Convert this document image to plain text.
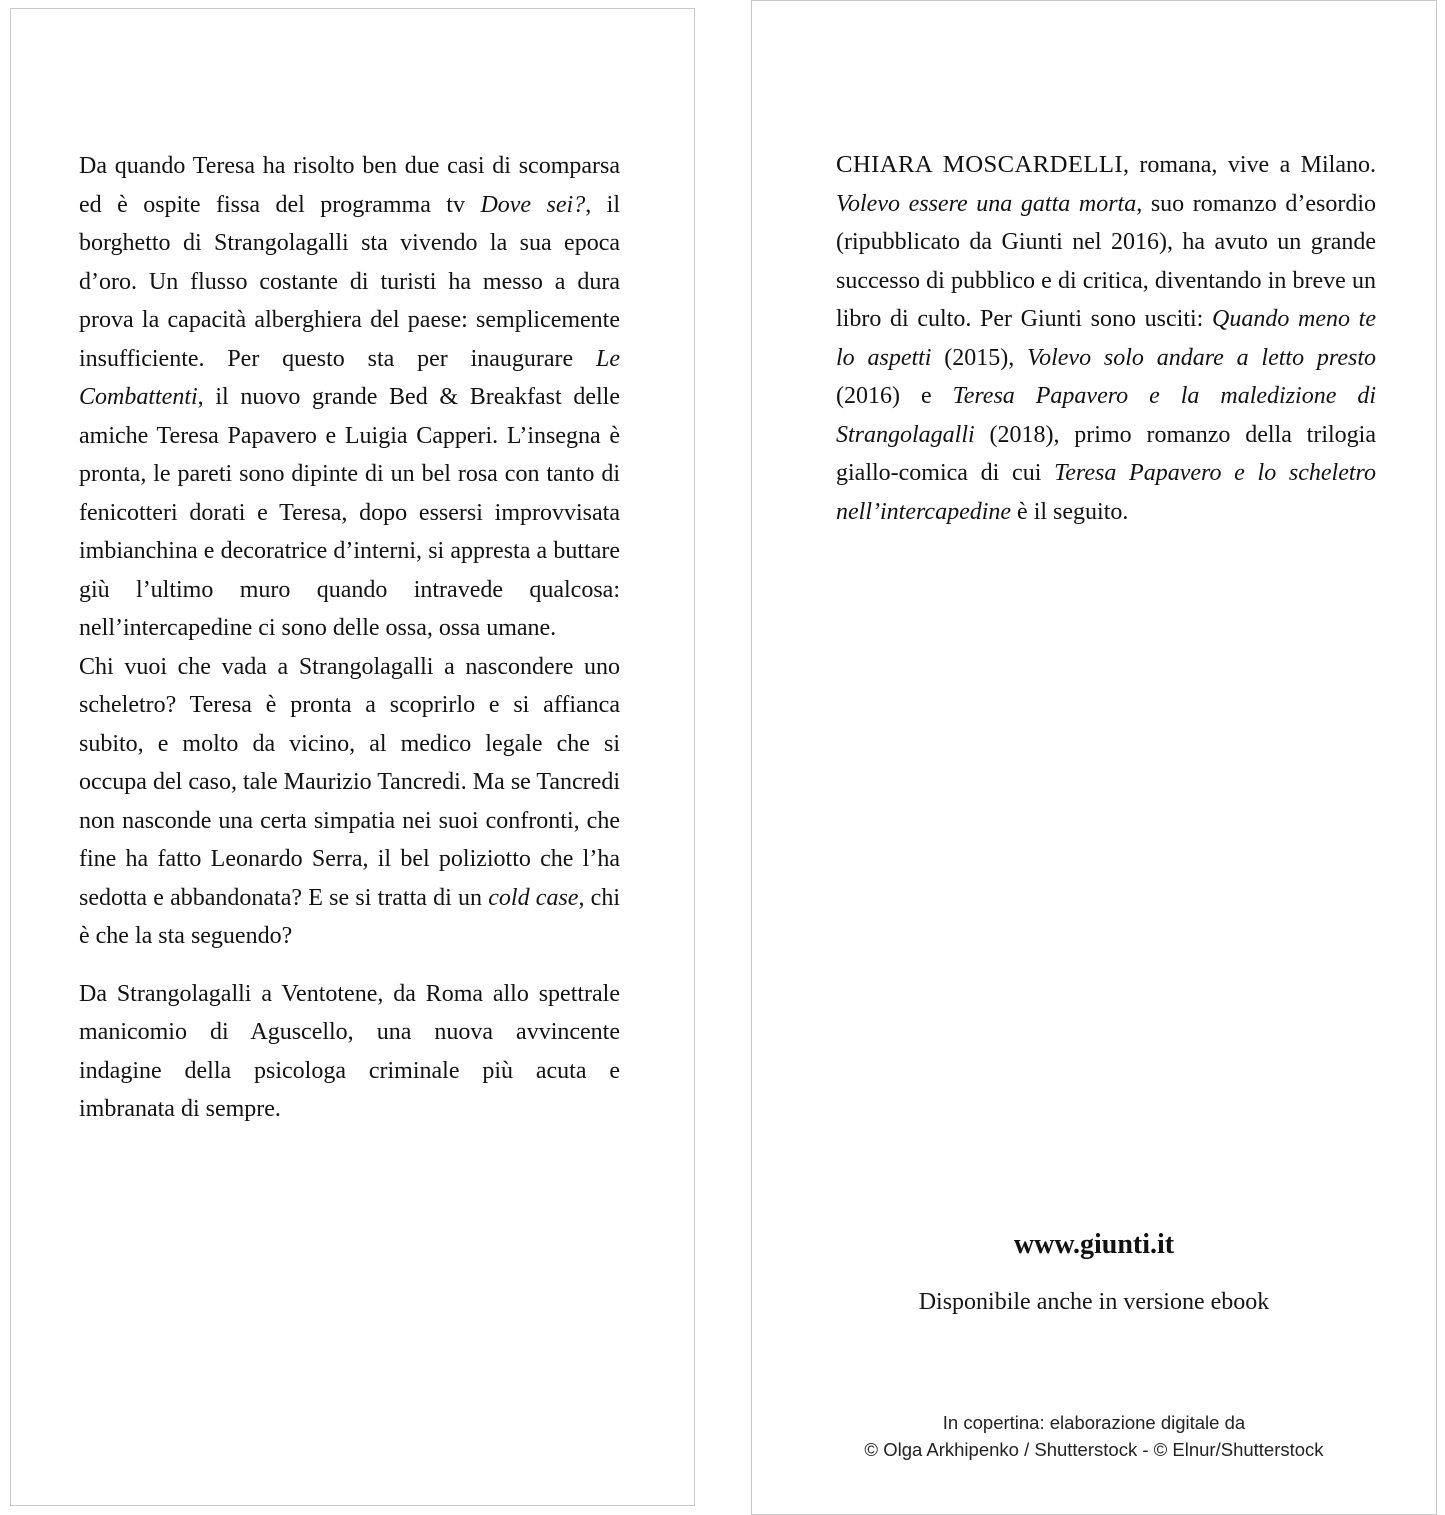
Da quando Teresa ha risolto ben due casi di scomparsa ed è ospite fissa del programma tv Dove sei?, il borghetto di Strangolagalli sta vivendo la sua epoca d’oro. Un flusso costante di turisti ha messo a dura prova la capacità alberghiera del paese: semplicemente insufficiente. Per questo sta per inaugurare Le Combattenti, il nuovo grande Bed & Breakfast delle amiche Teresa Papavero e Luigia Capperi. L’insegna è pronta, le pareti sono dipinte di un bel rosa con tanto di fenicotteri dorati e Teresa, dopo essersi improvvisata imbianchina e decoratrice d’interni, si appresta a buttare giù l’ultimo muro quando intravede qualcosa: nell’intercapedine ci sono delle ossa, ossa umane.

Chi vuoi che vada a Strangolagalli a nascondere uno scheletro? Teresa è pronta a scoprirlo e si affianca subito, e molto da vicino, al medico legale che si occupa del caso, tale Maurizio Tancredi. Ma se Tancredi non nasconde una certa simpatia nei suoi confronti, che fine ha fatto Leonardo Serra, il bel poliziotto che l’ha sedotta e abbandonata? E se si tratta di un cold case, chi è che la sta seguendo?

Da Strangolagalli a Ventotene, da Roma allo spettrale manicomio di Aguscello, una nuova avvincente indagine della psicologa criminale più acuta e imbranata di sempre.

CHIARA MOSCARDELLI, romana, vive a Milano. Volevo essere una gatta morta, suo romanzo d’esordio (ripubblicato da Giunti nel 2016), ha avuto un grande successo di pubblico e di critica, diventando in breve un libro di culto. Per Giunti sono usciti: Quando meno te lo aspetti (2015), Volevo solo andare a letto presto (2016) e Teresa Papavero e la maledizione di Strangolagalli (2018), primo romanzo della trilogia giallo-comica di cui Teresa Papavero e lo scheletro nell’intercapedine è il seguito.

www.giunti.it
Disponibile anche in versione ebook
In copertina: elaborazione digitale da
© Olga Arkhipenko / Shutterstock - © Elnur/Shutterstock
